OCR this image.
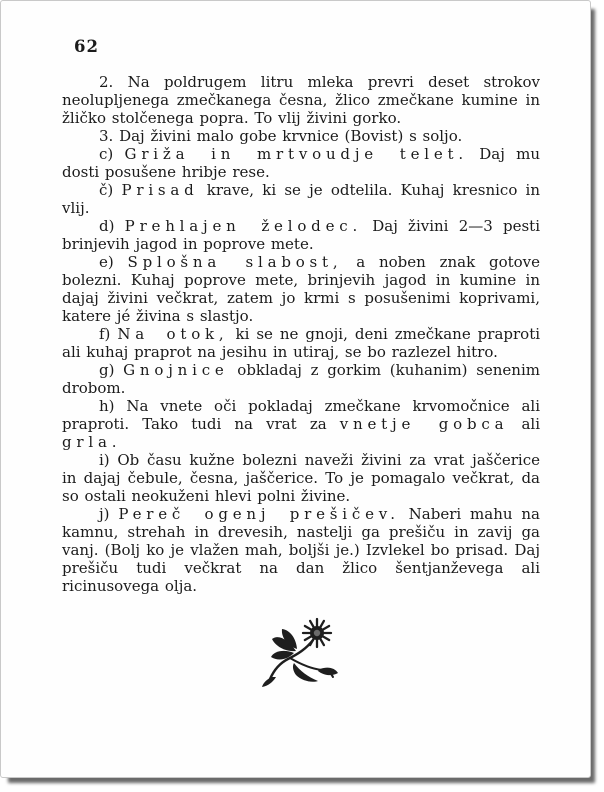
62

2. Na poldrugem litru mleka prevri deset strokov neolupljenega zmečkanega česna, žlico zmečkane kumine in žličko stolčenega popra. To vlij živini gorko.

3. Daj živini malo gobe krvnice (Bovist) s soljo.

c) Griža in mrtvoudje telet. Daj mu dosti posušene hribje rese.

č) Prisad krave, ki se je odtelila. Kuhaj kresnico in vlij.

d) Prehlajen želodec. Daj živini 2—3 pesti brinjevih jagod in poprove mete.

e) Splošna slabost, a noben znak gotove bolezni. Kuhaj poprove mete, brinjevih jagod in kumine in dajaj živini večkrat, zatem jo krmi s posušenimi koprivami, katere jé živina s slastjo.

f) Na otok, ki se ne gnoji, deni zmečkane praproti ali kuhaj praprot na jesihu in utiraj, se bo razlezel hitro.

g) Gnojnice obkladaj z gorkim (kuhanim) senenim drobom.

h) Na vnete oči pokladaj zmečkane krvomočnice ali praproti. Tako tudi na vrat za vnetje gobca ali grla.

i) Ob času kužne bolezni naveži živini za vrat jaščerice in dajaj čebule, česna, jaščerice. To je pomagalo večkrat, da so ostali neokuženi hlevi polni živine.

j) Pereč ogenj prešičev. Naberi mahu na kamnu, strehah in drevesih, nastelji ga prešiču in zavij ga vanj. (Bolj ko je vlažen mah, boljši je.) Izvlekel bo prisad. Daj prešiču tudi večkrat na dan žlico šentjanževega ali ricinusovega olja.
